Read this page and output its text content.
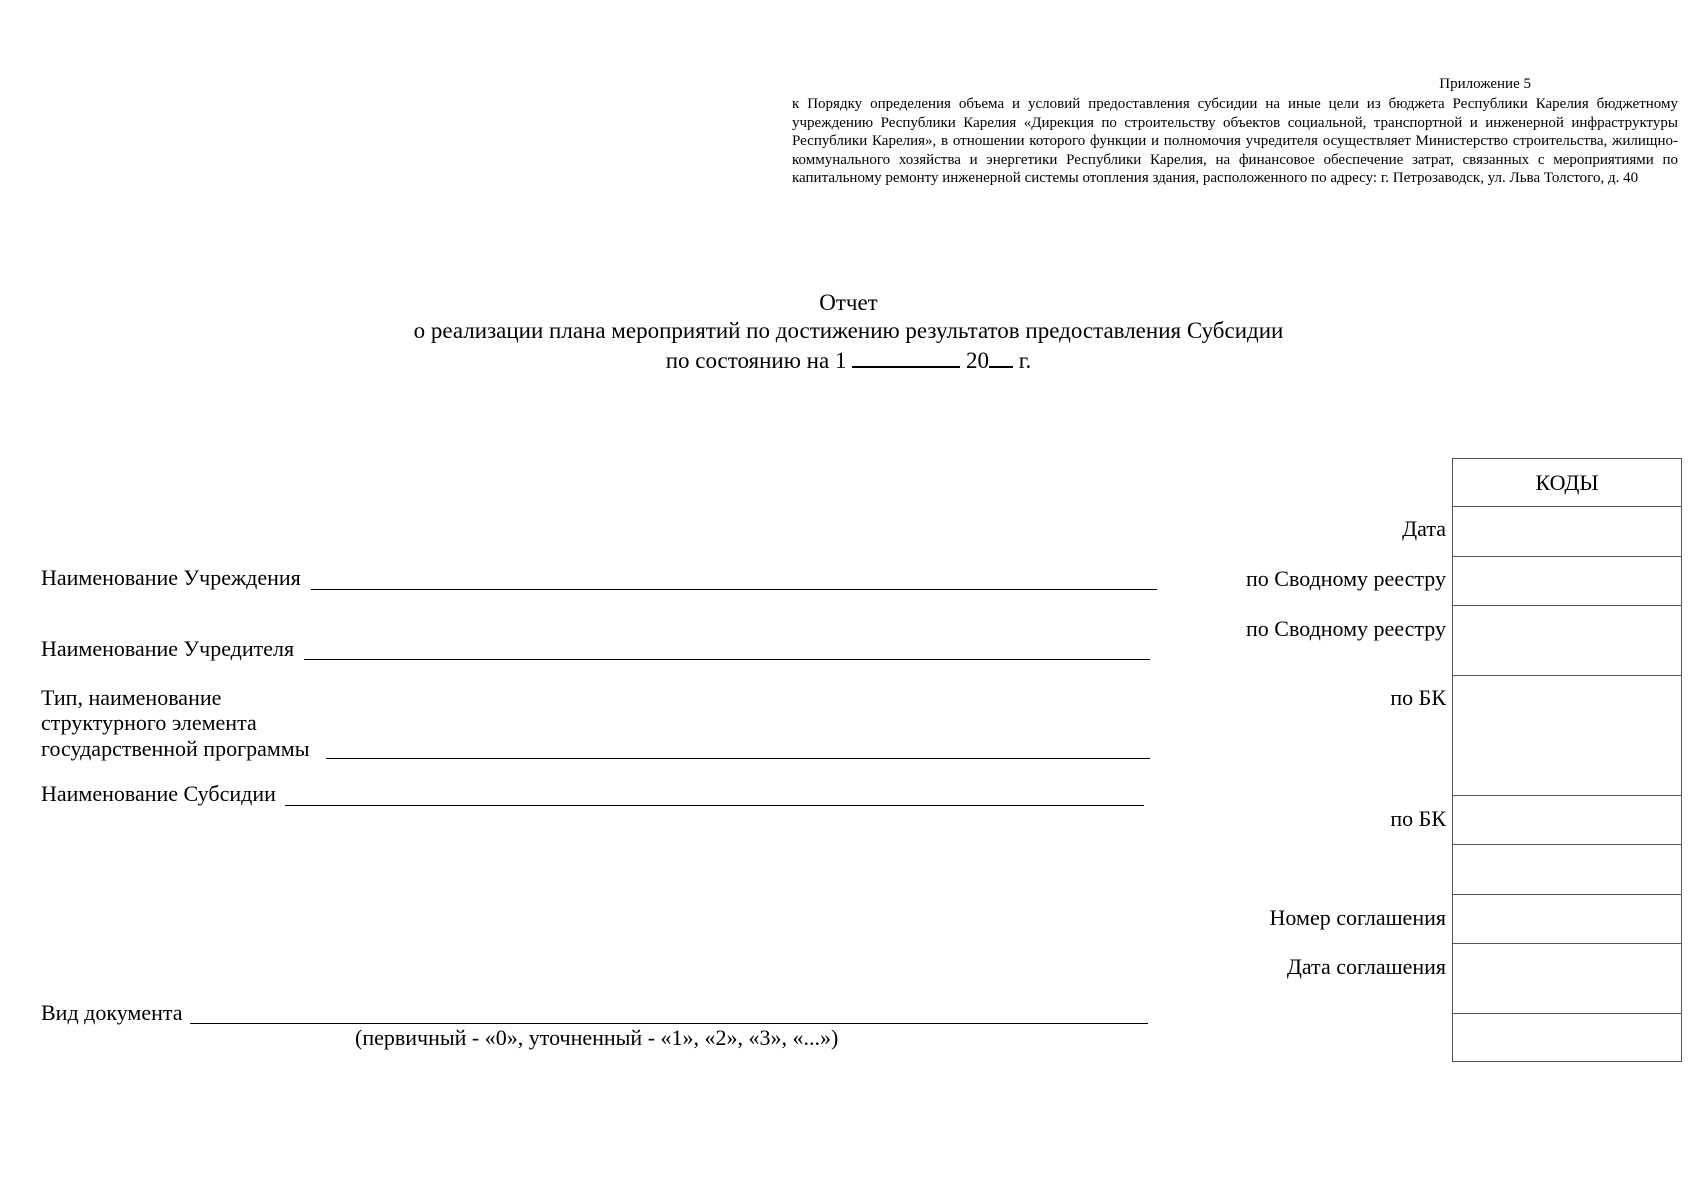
Приложение 5
к Порядку определения объема и условий предоставления субсидии на иные цели из бюджета Республики Карелия бюджетному учреждению Республики Карелия «Дирекция по строительству объектов социальной, транспортной и инженерной инфраструктуры Республики Карелия», в отношении которого функции и полномочия учредителя осуществляет Министерство строительства, жилищно-коммунального хозяйства и энергетики Республики Карелия, на финансовое обеспечение затрат, связанных с мероприятиями по капитальному ремонту инженерной системы отопления здания, расположенного по адресу: г. Петрозаводск, ул. Льва Толстого, д. 40
Отчет
о реализации плана мероприятий по достижению результатов предоставления Субсидии
по состоянию на 1	20 г.
Наименование Учреждения
Наименование Учредителя
Тип, наименование
структурного элемента
государственной программы
Наименование Субсидии
Вид документа
(первичный - «0», уточненный - «1», «2», «3», «...»)
Дата
по Сводному реестру
по Сводному реестру
по БК
по БК
Номер соглашения
Дата соглашения
КОДЫ
